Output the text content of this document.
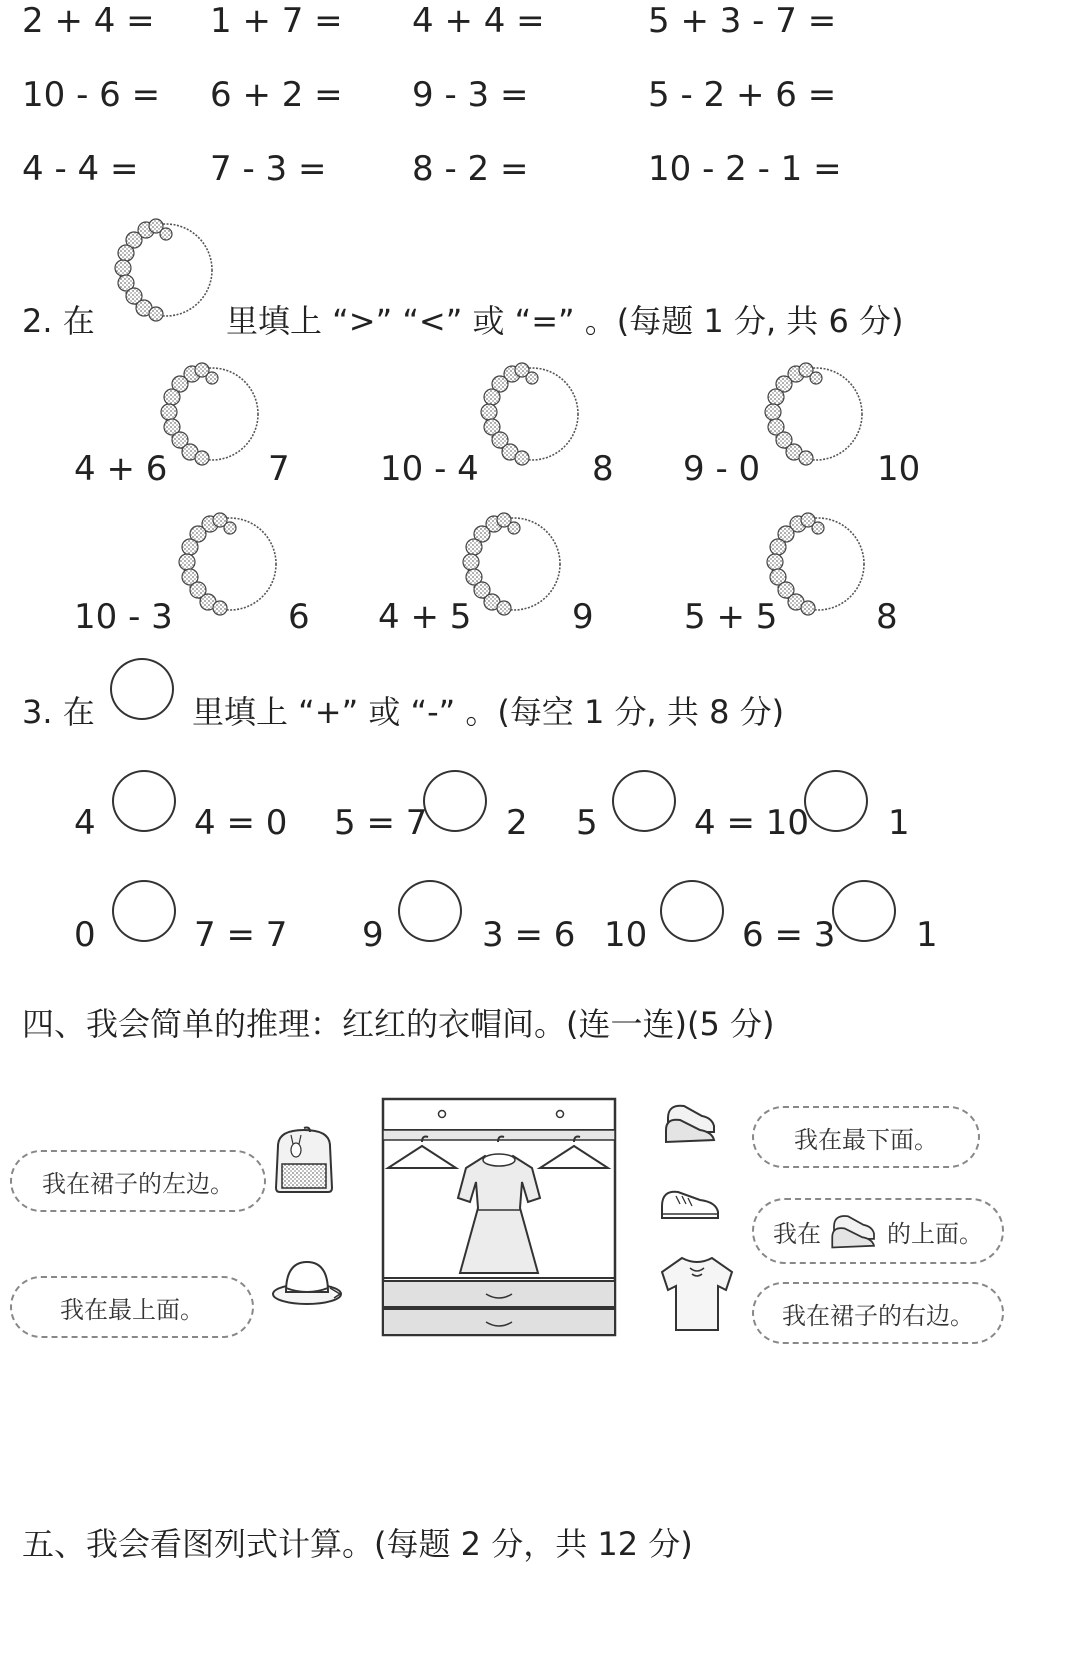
2 + 4 = 1 + 7 = 4 + 4 =	5 + 3 - 7 =
10 - 6 = 6 + 2 = 9 - 3 =	5 - 2 + 6 =
4 - 4 = 7 - 3 =	8 - 2 =	10 - 2 - 1 =
2. 在	里填上 “>” “<” 或 “=” 。(每题 1 分, 共 6 分)
4 + 6	7	10 - 4	8 9 - 0	10
10 - 3	6 4 + 5	9	5 + 5	8
3. 在	里填上 “+” 或 “-” 。(每空 1 分, 共 8 分)
4	4 = 0 5 = 7 2 5	4 = 10 1
0	7 = 7 9	3 = 6 10	6 = 3 1
四、我会简单的推理：红红的衣帽间。(连一连)(5 分)
我在裙子的左边。
我在最上面。
我在最下面。
我在	的上面。
我在裙子的右边。
五、我会看图列式计算。(每题 2 分，共 12 分)
